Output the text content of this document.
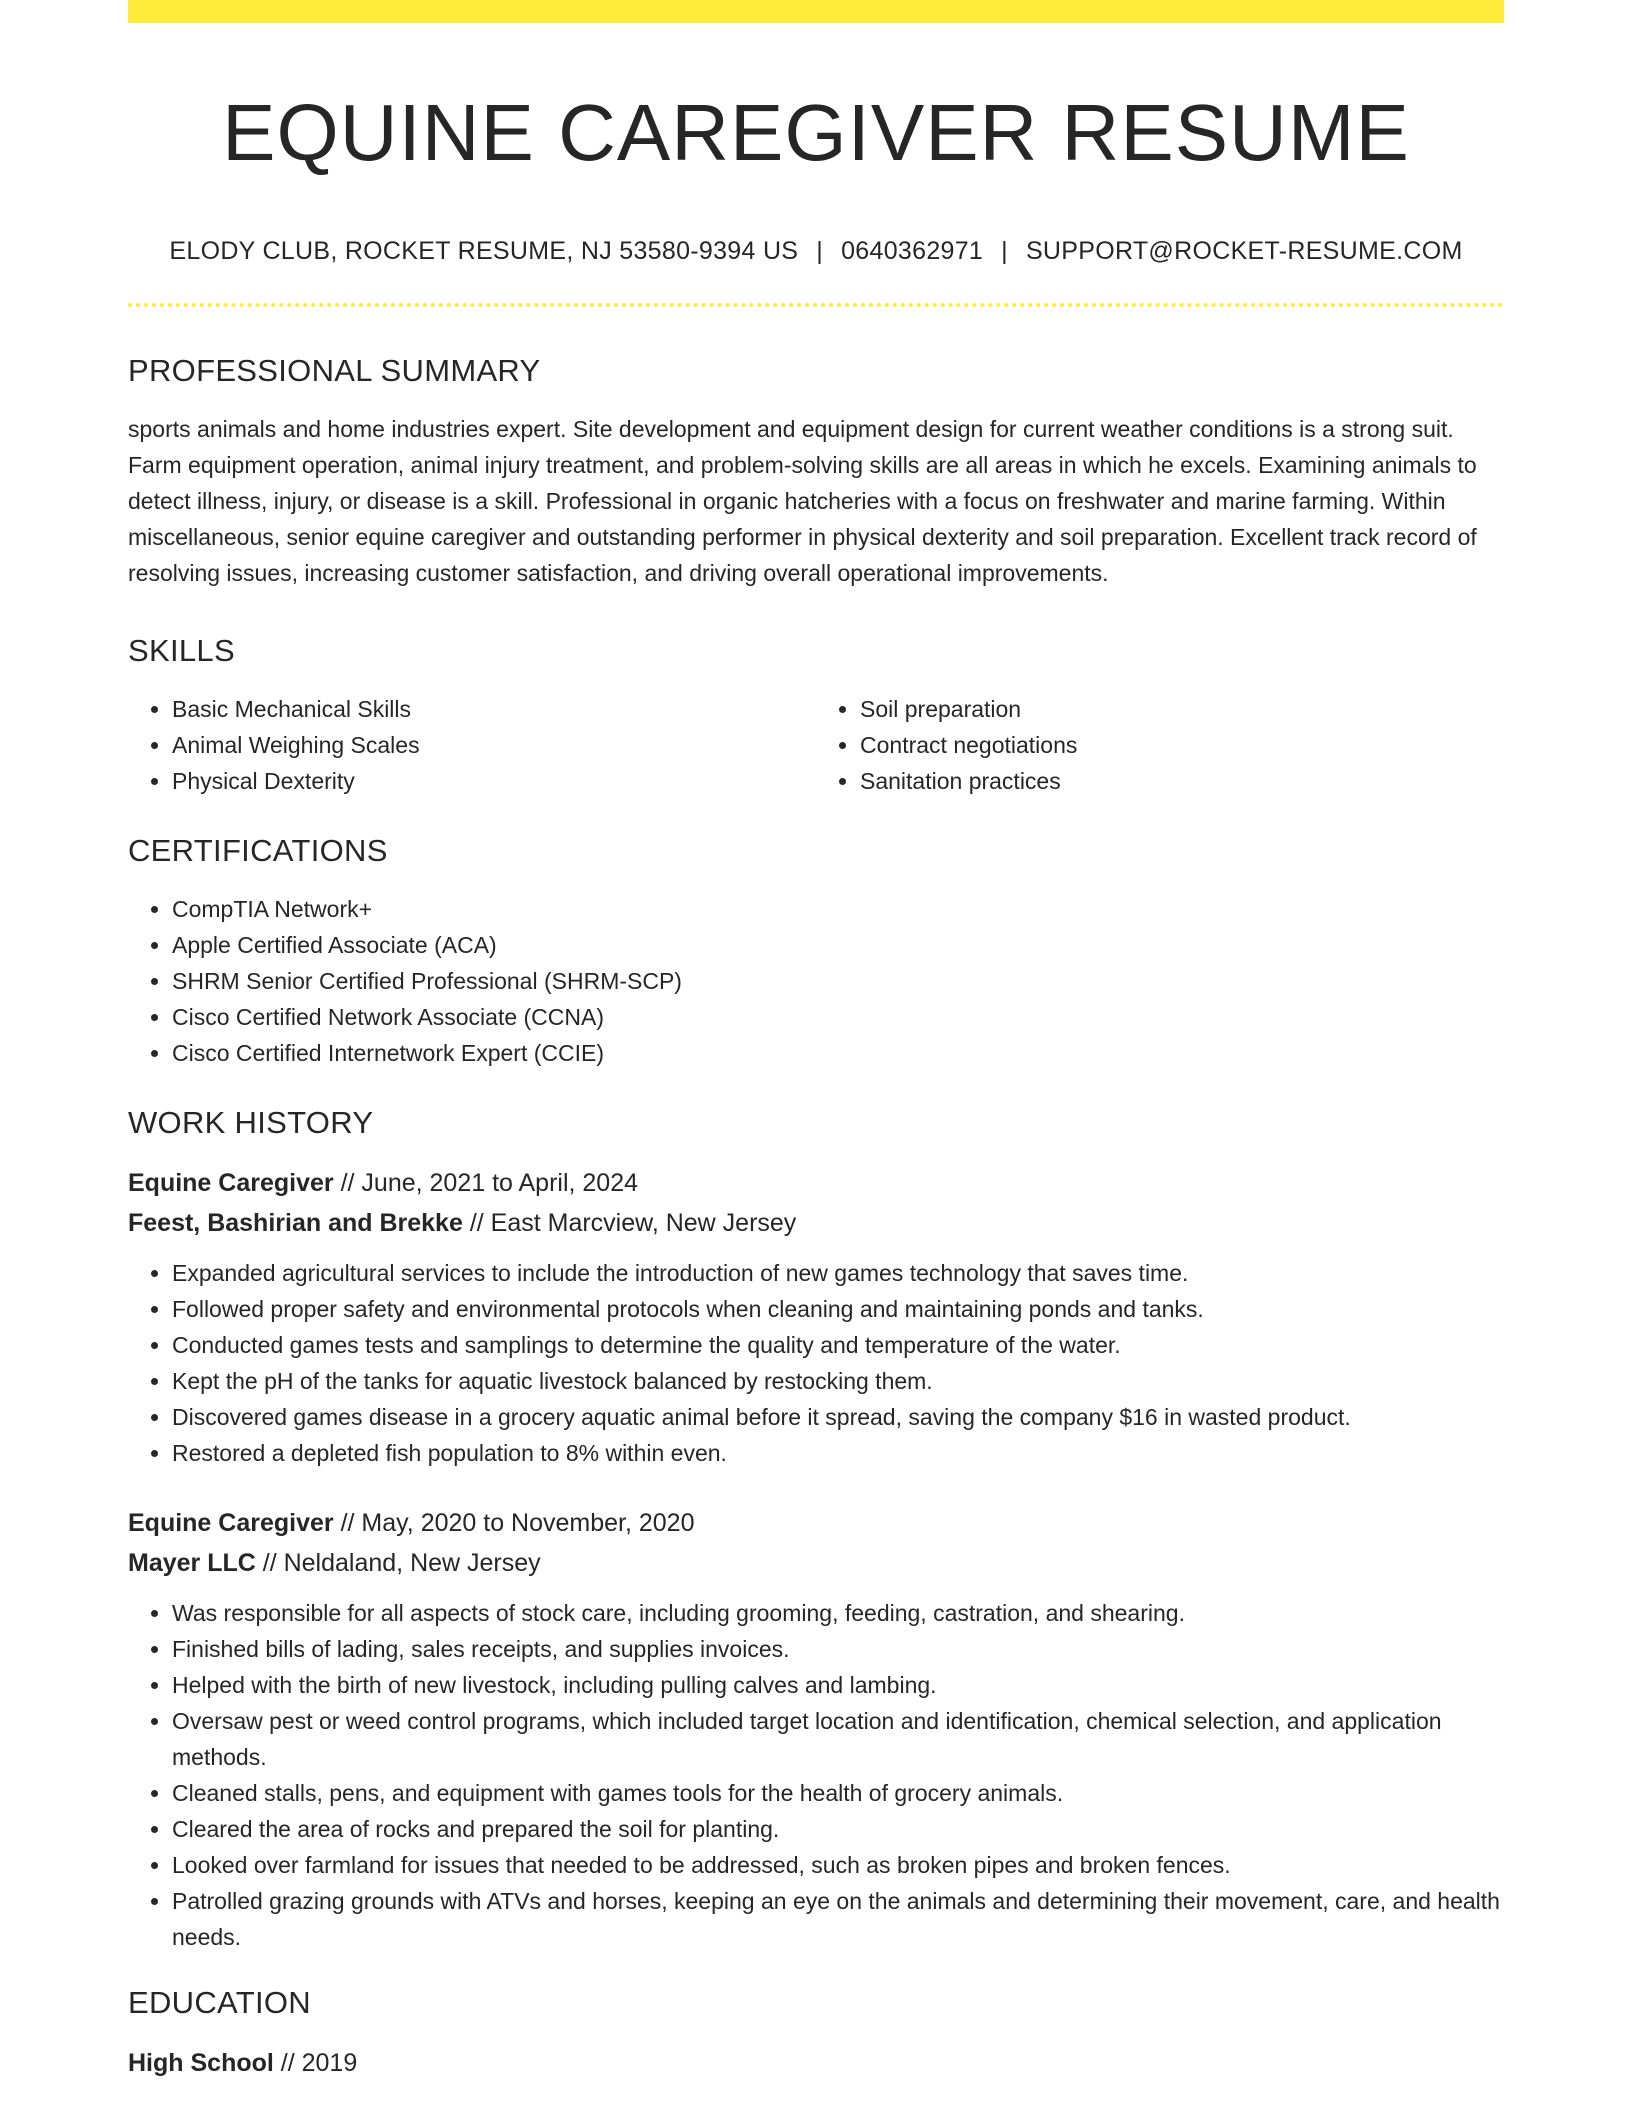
EQUINE CAREGIVER RESUME
ELODY CLUB, ROCKET RESUME, NJ 53580-9394 US | 0640362971 | SUPPORT@ROCKET-RESUME.COM
PROFESSIONAL SUMMARY

sports animals and home industries expert. Site development and equipment design for current weather conditions is a strong suit. Farm equipment operation, animal injury treatment, and problem-solving skills are all areas in which he excels. Examining animals to detect illness, injury, or disease is a skill. Professional in organic hatcheries with a focus on freshwater and marine farming. Within miscellaneous, senior equine caregiver and outstanding performer in physical dexterity and soil preparation. Excellent track record of resolving issues, increasing customer satisfaction, and driving overall operational improvements.

SKILLS
• Basic Mechanical Skills
• Animal Weighing Scales
• Physical Dexterity
• Soil preparation
• Contract negotiations
• Sanitation practices
CERTIFICATIONS
• CompTIA Network+
• Apple Certified Associate (ACA)
• SHRM Senior Certified Professional (SHRM-SCP)
• Cisco Certified Network Associate (CCNA)
• Cisco Certified Internetwork Expert (CCIE)
WORK HISTORY
Equine Caregiver // June, 2021 to April, 2024
Feest, Bashirian and Brekke // East Marcview, New Jersey
• Expanded agricultural services to include the introduction of new games technology that saves time.
• Followed proper safety and environmental protocols when cleaning and maintaining ponds and tanks.
• Conducted games tests and samplings to determine the quality and temperature of the water.
• Kept the pH of the tanks for aquatic livestock balanced by restocking them.
• Discovered games disease in a grocery aquatic animal before it spread, saving the company $16 in wasted product.
• Restored a depleted fish population to 8% within even.
Equine Caregiver // May, 2020 to November, 2020
Mayer LLC // Neldaland, New Jersey
• Was responsible for all aspects of stock care, including grooming, feeding, castration, and shearing.
• Finished bills of lading, sales receipts, and supplies invoices.
• Helped with the birth of new livestock, including pulling calves and lambing.
• Oversaw pest or weed control programs, which included target location and identification, chemical selection, and application methods.
• Cleaned stalls, pens, and equipment with games tools for the health of grocery animals.
• Cleared the area of rocks and prepared the soil for planting.
• Looked over farmland for issues that needed to be addressed, such as broken pipes and broken fences.
• Patrolled grazing grounds with ATVs and horses, keeping an eye on the animals and determining their movement, care, and health needs.
EDUCATION
High School // 2019
